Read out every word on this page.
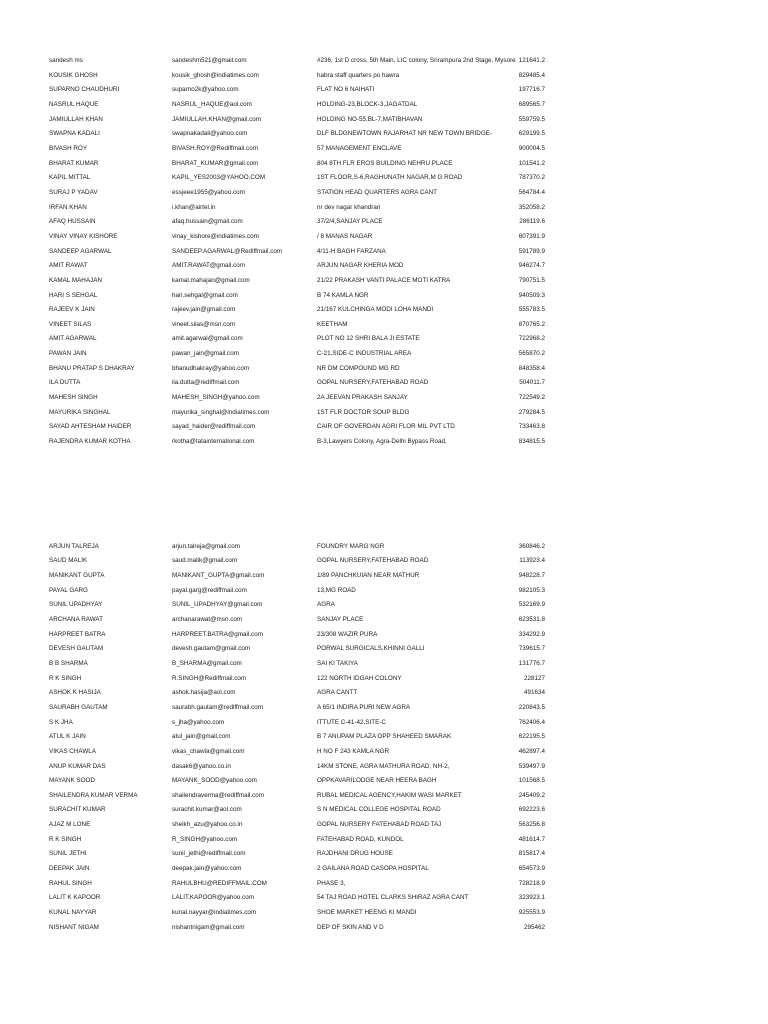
sandesh ms	sandeshm521@gmail.com	#236, 1st D cross, 5th Main, LIC colony, Srirampura 2nd Stage, Mysore 121641.2
KOUSIK GHOSH	kousik_ghosh@indiatimes.com	habra staff quarters po hawra	829485.4
SUPARNO CHAUDHURI	suparno2k@yahoo.com	FLAT NO 6 NAIHATI	197716.7
NASRUL HAQUE	NASRUL_HAQUE@aol.com	HOLDING-23,BLOCK-3,JAGATDAL	689565.7
JAMIULLAH KHAN	JAMIULLAH.KHAN@gmail.com	HOLDING NO-55,BL-7,MATIBHAVAN	559759.5
SWAPNA KADALI	swapnakadali@yahoo.com	DLF BLDGNEWTOWN RAJARHAT NR NEW TOWN BRIDGE-	629199.5
BIVASH ROY	BIVASH.ROY@Rediffmail.com	57 MANAGEMENT ENCLAVE	900004.5
BHARAT KUMAR	BHARAT_KUMAR@gmail.com	804 8TH FLR EROS BUILDING NEHRU PLACE	101541.2
KAPIL MITTAL	KAPIL_YES2003@YAHOO.COM	1ST FLOOR,S-6,RAGHUNATH NAGAR,M G ROAD	787370.2
SURAJ P YADAV	essjeee1955@yahoo.com	STATION HEAD QUARTERS AGRA CANT	564784.4
IRFAN KHAN	i.khan@airtel.in	nr dev nagar khandrari	352058.2
AFAQ HUSSAIN	afaq.hussain@gmail.com	37/2/4,SANJAY PLACE	286119.6
VINAY VINAY KISHORE	vinay_kishore@indiatimes.com	/ 8 MANAS NAGAR	607391.9
SANDEEP AGARWAL	SANDEEP.AGARWAL@Rediffmail.com	4/11-H BAGH FARZANA	591789.9
AMIT RAWAT	AMIT.RAWAT@gmail.com	ARJUN NAGAR KHERIA MOD	946274.7
KAMAL MAHAJAN	kamal.mahajan@gmail.com	21/22 PRAKASH VANTI PALACE MOTI KATRA	790751.5
HARI S SEHGAL	hari.sehgal@gmail.com	B 74 KAMLA NGR	940509.3
RAJEEV K JAIN	rajeev.jain@gmail.com	21/167 KULCHINGA MODI LOHA MANDI	555783.5
VINEET SILAS	vineet.silas@msn.com	KEETHAM	870765.2
AMIT AGARWAL	amit.agarwal@gmail.com	PLOT NO 12 SHRI BALA JI ESTATE	722968.2
PAWAN JAIN	pawan_jain@gmail.com	C-21,SIDE-C INDUSTRIAL AREA	565870.2
BHANU PRATAP S DHAKRAY	bhanudhakray@yahoo.com	NR DM COMPOUND MG RD	848358.4
ILA DUTTA	ila.dutta@rediffmail.com	GOPAL NURSERY,FATEHABAD ROAD	504011.7
MAHESH SINGH	MAHESH_SINGH@yahoo.com	2A JEEVAN PRAKASH SANJAY	722549.2
MAYURIKA SINGHAL	mayurika_singhal@indiatimes.com	1ST FLR DOCTOR SOUP BLDG	279284.5
SAYAD AHTESHAM HAIDER	sayad_haider@rediffmail.com	CAIR OF GOVERDAN AGRI FLOR MIL PVT LTD	733463.8
RAJENDRA KUMAR KOTHA	rkotha@tatainternational.com	B-3,Lawyers Colony, Agra-Delhi Bypass Road,	834815.5
ARJUN TALREJA	arjun.talreja@gmail.com	FOUNDRY MARG NGR	360846.2
SAUD MALIK	saud.malik@gmail.com	GOPAL NURSERY,FATEHABAD ROAD	113923.4
MANIKANT GUPTA	MANIKANT_GUPTA@gmail.com	1/89 PANCHKUIAN NEAR MATHUR	948228.7
PAYAL GARG	payal.garg@rediffmail.com	13,MG ROAD	982105.3
SUNIL UPADHYAY	SUNIL_UPADHYAY@gmail.com	AGRA	532169.9
ARCHANA RAWAT	archanarawat@msn.com	SANJAY PLACE	623531.8
HARPREET BATRA	HARPREET.BATRA@gmail.com	23/308 WAZIR PURA	334292.9
DEVESH GAUTAM	devesh.gautam@gmail.com	PORWAL SURGICALS,KHINNI GALLI	739615.7
B B SHARMA	B_SHARMA@gmail.com	SAI KI TAKIYA	131776.7
R K SINGH	R.SINGH@Rediffmail.com	122 NORTH IDGAH COLONY	228127
ASHOK K HASIJA	ashok.hasija@aol.com	AGRA CANTT	491634
SAURABH GAUTAM	saurabh.gautam@rediffmail.com	A 65/1 INDIRA PURI NEW AGRA	220843.5
S K JHA	s_jha@yahoo.com	ITTUTE C-41-42,SITE-C	762406.4
ATUL K JAIN	atul_jain@gmail.com	B 7 ANUPAM PLAZA OPP SHAHEED SMARAK	622195.5
VIKAS CHAWLA	vikas_chawla@gmail.com	H NO F 243 KAMLA NGR	462897.4
ANUP KUMAR DAS	dasak6@yahoo.co.in	14KM STONE, AGRA MATHURA ROAD, NH-2,	539497.9
MAYANK SOOD	MAYANK_SOOD@yahoo.com	OPPKAVARILODGE NEAR HEERA BAGH	101568.5
SHAILENDRA KUMAR VERMA	shailendraverma@rediffmail.com	RUBAL MEDICAL AGENCY,HAKIM WASI MARKET	245409.2
SURACHIT KUMAR	surachit.kumar@aol.com	S N MEDICAL COLLEGE HOSPITAL ROAD	692223.6
AJAZ M LONE	sheikh_azu@yahoo.co.in	GOPAL NURSERY FATEHABAD ROAD TAJ	563256.8
R K SINGH	R_SINGH@yahoo.com	FATEHABAD ROAD, KUNDOL	481614.7
SUNIL JETHI	sunil_jethi@rediffmail.com	RAJDHANI DRUG HOUSE	815817.4
DEEPAK JAIN	deepak.jain@yahoo.com	2 GAILANA ROAD CASOPA HOSPITAL	654573.9
RAHUL SINGH	RAHULBHU@REDIFFMAIL.COM	PHASE 3,	728218.9
LALIT K KAPOOR	LALIT.KAPOOR@yahoo.com	54 TAJ ROAD HOTEL CLARKS SHIRAZ AGRA CANT	323923.1
KUNAL NAYYAR	kunal.nayyar@indiatimes.com	SHOE MARKET HEENG KI MANDI	925553.9
NISHANT NIGAM	nishantnigam@gmail.com	DEP OF SKIN AND V D	295462
